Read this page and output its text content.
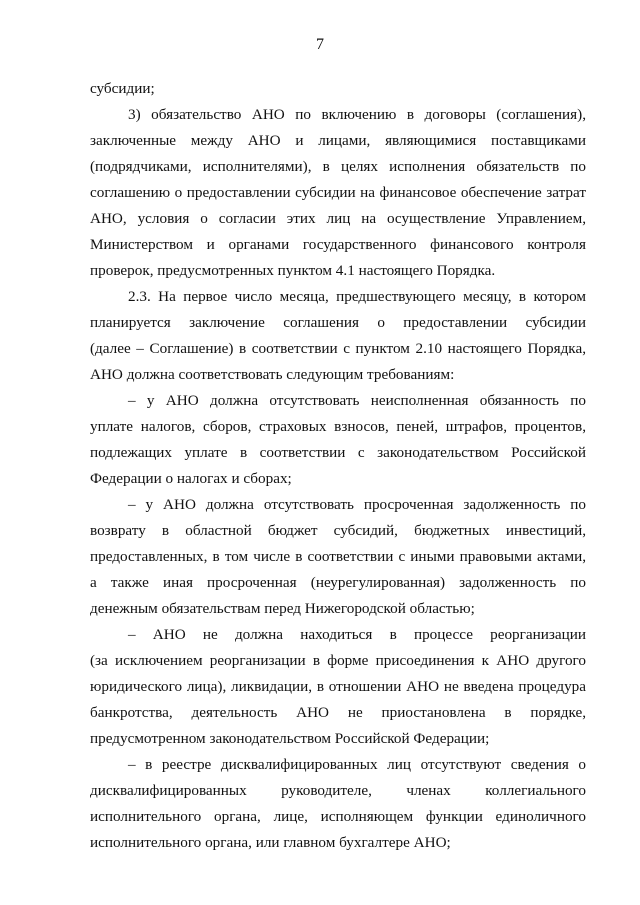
7
субсидии;
3) обязательство АНО по включению в договоры (соглашения),
заключенные между АНО и лицами, являющимися поставщиками
(подрядчиками, исполнителями), в целях исполнения обязательств по
соглашению о предоставлении субсидии на финансовое обеспечение затрат
АНО, условия о согласии этих лиц на осуществление Управлением,
Министерством и органами государственного финансового контроля
проверок, предусмотренных пунктом 4.1 настоящего Порядка.
2.3. На первое число месяца, предшествующего месяцу, в котором
планируется заключение соглашения о предоставлении субсидии
(далее – Соглашение) в соответствии с пунктом 2.10 настоящего Порядка,
АНО должна соответствовать следующим требованиям:
– у АНО должна отсутствовать неисполненная обязанность по
уплате налогов, сборов, страховых взносов, пеней, штрафов, процентов,
подлежащих уплате в соответствии с законодательством Российской
Федерации о налогах и сборах;
– у АНО должна отсутствовать просроченная задолженность по
возврату в областной бюджет субсидий, бюджетных инвестиций,
предоставленных, в том числе в соответствии с иными правовыми актами,
а также иная просроченная (неурегулированная) задолженность по
денежным обязательствам перед Нижегородской областью;
– АНО не должна находиться в процессе реорганизации
(за исключением реорганизации в форме присоединения к АНО другого
юридического лица), ликвидации, в отношении АНО не введена процедура
банкротства, деятельность АНО не приостановлена в порядке,
предусмотренном законодательством Российской Федерации;
– в реестре дисквалифицированных лиц отсутствуют сведения о
дисквалифицированных руководителе, членах коллегиального
исполнительного органа, лице, исполняющем функции единоличного
исполнительного органа, или главном бухгалтере АНО;
